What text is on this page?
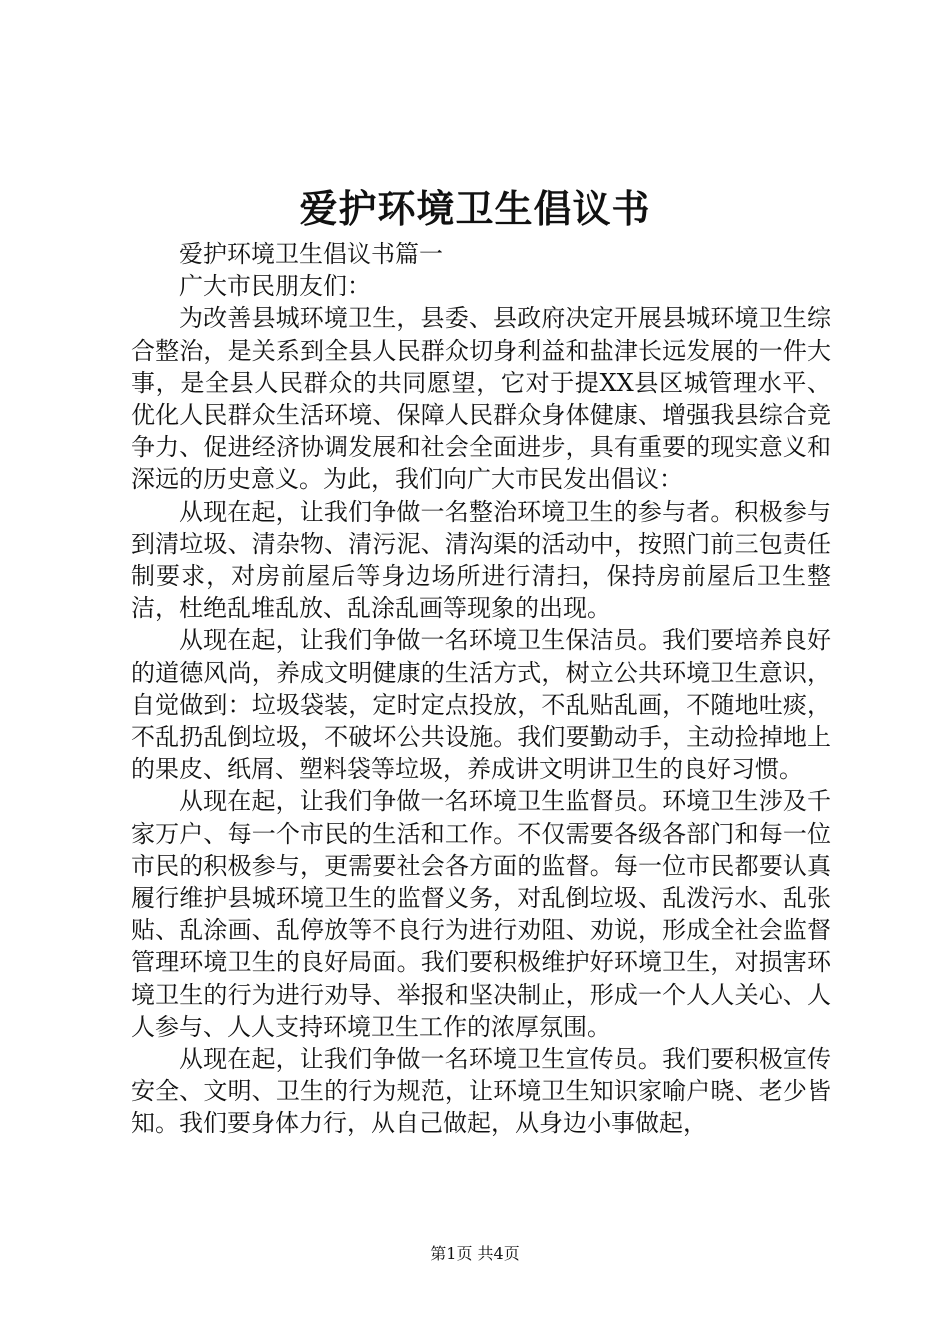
爱护环境卫生倡议书

爱护环境卫生倡议书篇一

广大市民朋友们：

为改善县城环境卫生，县委、县政府决定开展县城环境卫生综合整治，是关系到全县人民群众切身利益和盐津长远发展的一件大事，是全县人民群众的共同愿望，它对于提XX县区城管理水平、优化人民群众生活环境、保障人民群众身体健康、增强我县综合竞争力、促进经济协调发展和社会全面进步，具有重要的现实意义和深远的历史意义。为此，我们向广大市民发出倡议：

从现在起，让我们争做一名整治环境卫生的参与者。积极参与到清垃圾、清杂物、清污泥、清沟渠的活动中，按照门前三包责任制要求，对房前屋后等身边场所进行清扫，保持房前屋后卫生整洁，杜绝乱堆乱放、乱涂乱画等现象的出现。

从现在起，让我们争做一名环境卫生保洁员。我们要培养良好的道德风尚，养成文明健康的生活方式，树立公共环境卫生意识，自觉做到：垃圾袋装，定时定点投放，不乱贴乱画，不随地吐痰，不乱扔乱倒垃圾，不破坏公共设施。我们要勤动手，主动捡掉地上的果皮、纸屑、塑料袋等垃圾，养成讲文明讲卫生的良好习惯。

从现在起，让我们争做一名环境卫生监督员。环境卫生涉及千家万户、每一个市民的生活和工作。不仅需要各级各部门和每一位市民的积极参与，更需要社会各方面的监督。每一位市民都要认真履行维护县城环境卫生的监督义务，对乱倒垃圾、乱泼污水、乱张贴、乱涂画、乱停放等不良行为进行劝阻、劝说，形成全社会监督管理环境卫生的良好局面。我们要积极维护好环境卫生，对损害环境卫生的行为进行劝导、举报和坚决制止，形成一个人人关心、人人参与、人人支持环境卫生工作的浓厚氛围。

从现在起，让我们争做一名环境卫生宣传员。我们要积极宣传安全、文明、卫生的行为规范，让环境卫生知识家喻户晓、老少皆知。我们要身体力行，从自己做起，从身边小事做起，

第1页 共4页
